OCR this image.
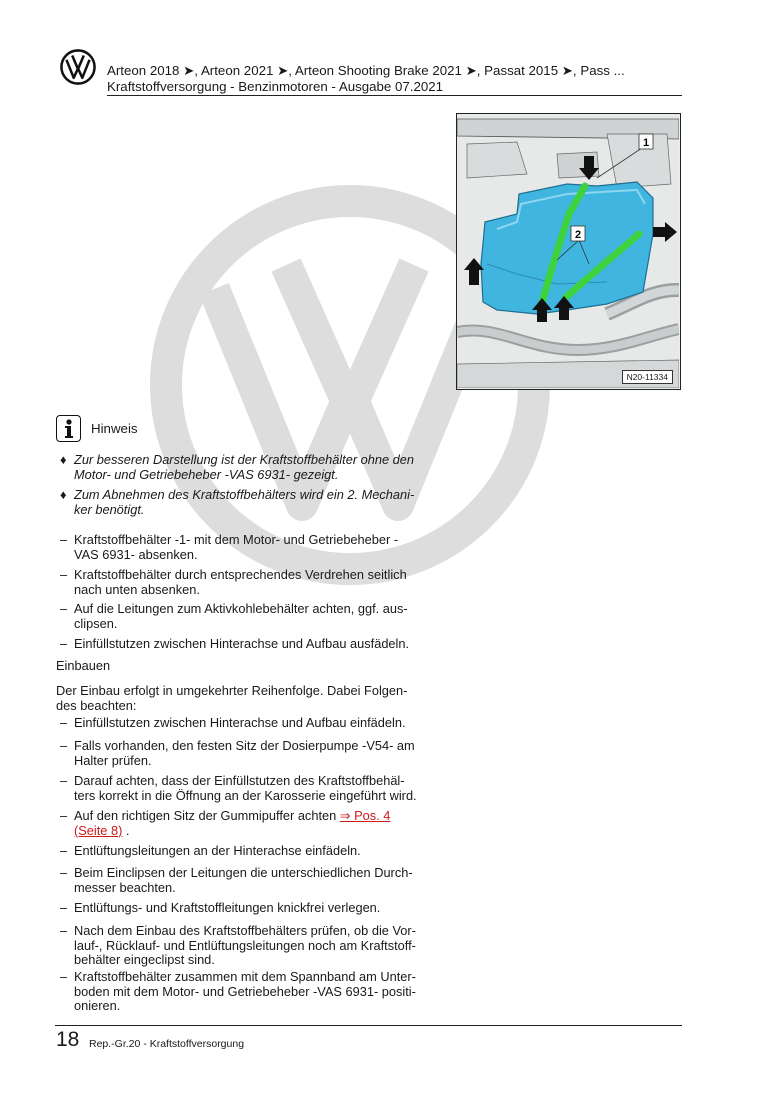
Arteon 2018 ➤, Arteon 2021 ➤, Arteon Shooting Brake 2021 ➤, Passat 2015 ➤, Pass ...
Kraftstoffversorgung - Benzinmotoren - Ausgabe 07.2021
1
2
N20-11334
Hinweis
♦ Zur besseren Darstellung ist der Kraftstoffbehälter ohne den Motor- und Getriebeheber -VAS 6931- gezeigt.
♦ Zum Abnehmen des Kraftstoffbehälters wird ein 2. Mechani-ker benötigt.
– Kraftstoffbehälter -1- mit dem Motor- und Getriebeheber - VAS 6931- absenken.
– Kraftstoffbehälter durch entsprechendes Verdrehen seitlich nach unten absenken.
– Auf die Leitungen zum Aktivkohlebehälter achten, ggf. aus-clipsen.
– Einfüllstutzen zwischen Hinterachse und Aufbau ausfädeln.
Einbauen
Der Einbau erfolgt in umgekehrter Reihenfolge. Dabei Folgen-des beachten:
– Einfüllstutzen zwischen Hinterachse und Aufbau einfädeln.
– Falls vorhanden, den festen Sitz der Dosierpumpe -V54- am Halter prüfen.
– Darauf achten, dass der Einfüllstutzen des Kraftstoffbehäl-ters korrekt in die Öffnung an der Karosserie eingeführt wird.
– Auf den richtigen Sitz der Gummipuffer achten ⇒ Pos. 4 (Seite 8) .
– Entlüftungsleitungen an der Hinterachse einfädeln.
– Beim Einclipsen der Leitungen die unterschiedlichen Durch-messer beachten.
– Entlüftungs- und Kraftstoffleitungen knickfrei verlegen.
– Nach dem Einbau des Kraftstoffbehälters prüfen, ob die Vor-lauf-, Rücklauf- und Entlüftungsleitungen noch am Kraftstoff-behälter eingeclipst sind.
– Kraftstoffbehälter zusammen mit dem Spannband am Unter-boden mit dem Motor- und Getriebeheber -VAS 6931- positi-onieren.
18 Rep.-Gr.20 - Kraftstoffversorgung
